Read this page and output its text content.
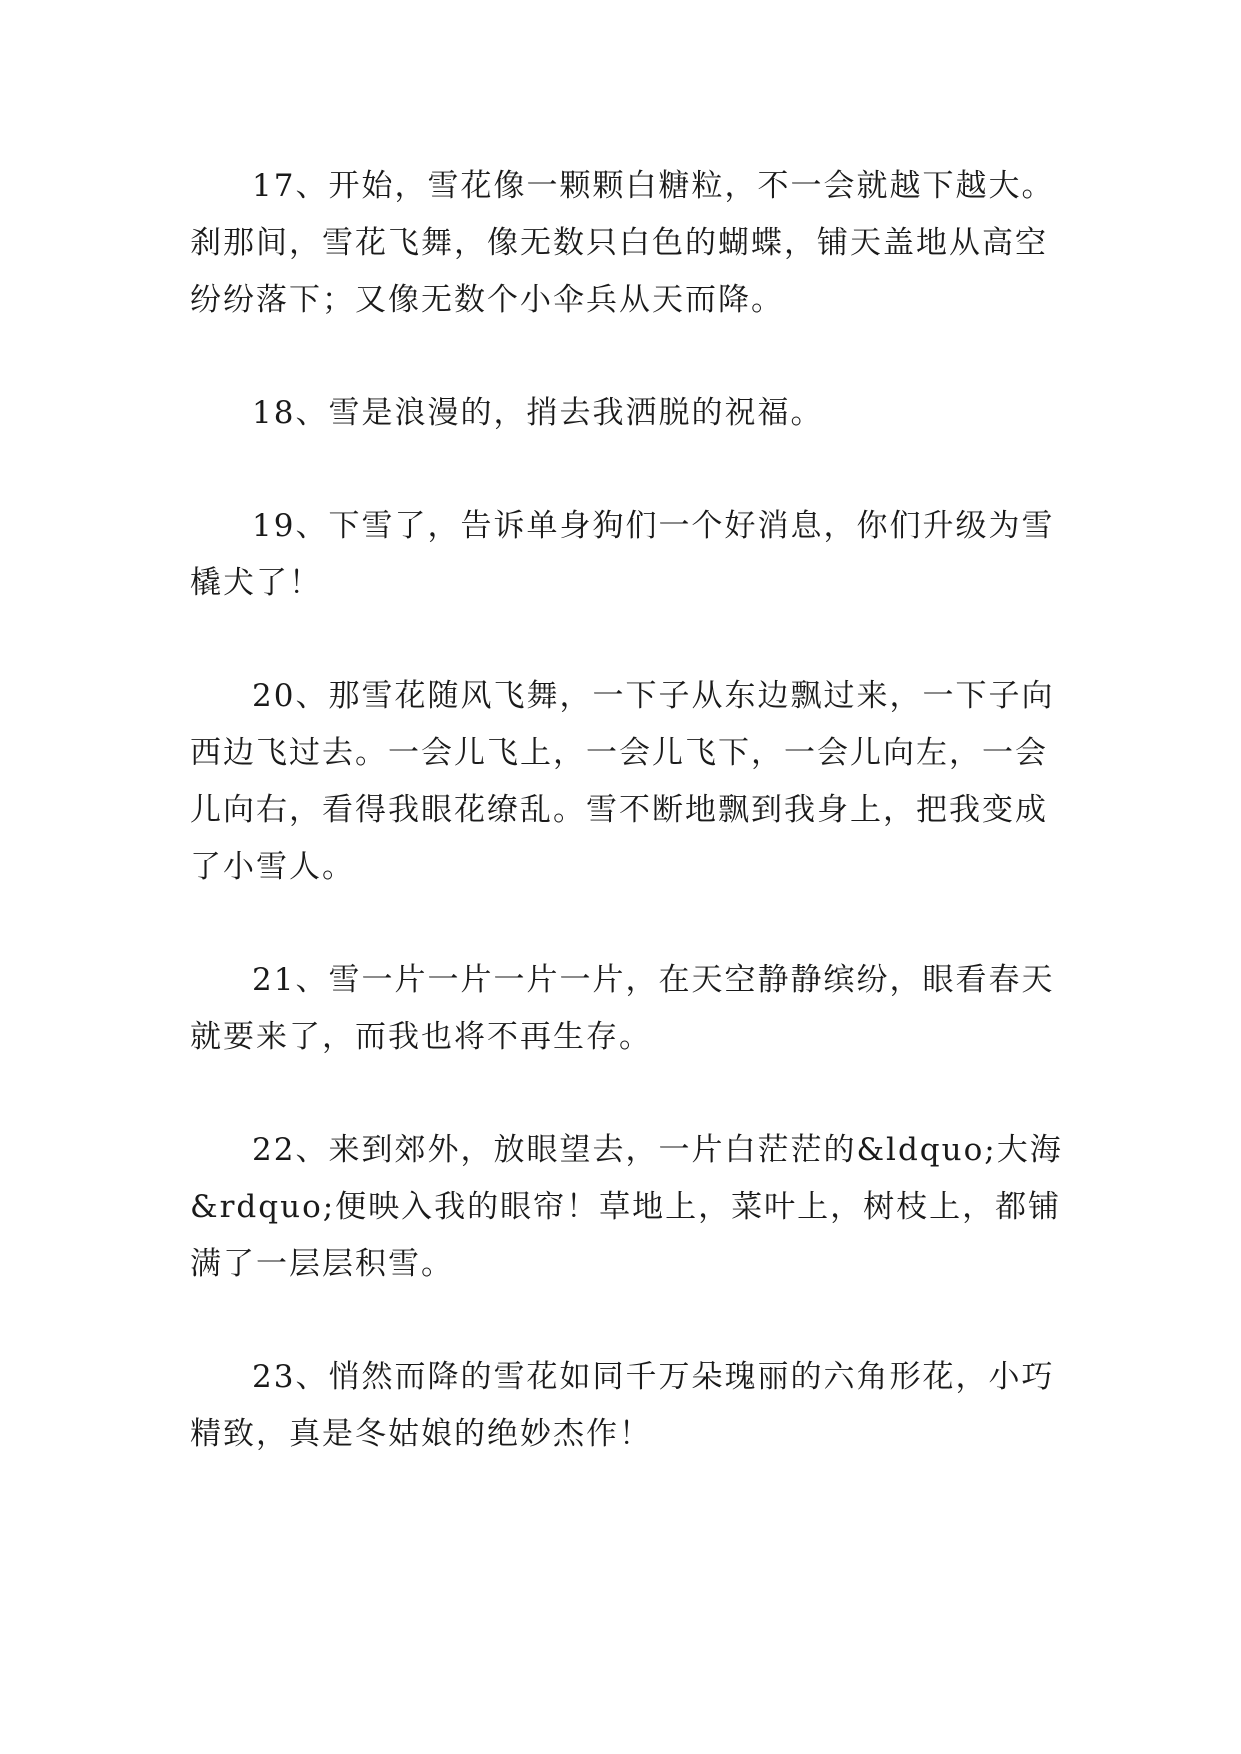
17、开始，雪花像一颗颗白糖粒，不一会就越下越大。刹那间，雪花飞舞，像无数只白色的蝴蝶，铺天盖地从高空纷纷落下；又像无数个小伞兵从天而降。

18、雪是浪漫的，捎去我洒脱的祝福。

19、下雪了，告诉单身狗们一个好消息，你们升级为雪橇犬了！

20、那雪花随风飞舞，一下子从东边飘过来，一下子向西边飞过去。一会儿飞上，一会儿飞下，一会儿向左，一会儿向右，看得我眼花缭乱。雪不断地飘到我身上，把我变成了小雪人。

21、雪一片一片一片一片，在天空静静缤纷，眼看春天就要来了，而我也将不再生存。

22、来到郊外，放眼望去，一片白茫茫的&ldquo;大海&rdquo;便映入我的眼帘！草地上，菜叶上，树枝上，都铺满了一层层积雪。

23、悄然而降的雪花如同千万朵瑰丽的六角形花，小巧精致，真是冬姑娘的绝妙杰作！
